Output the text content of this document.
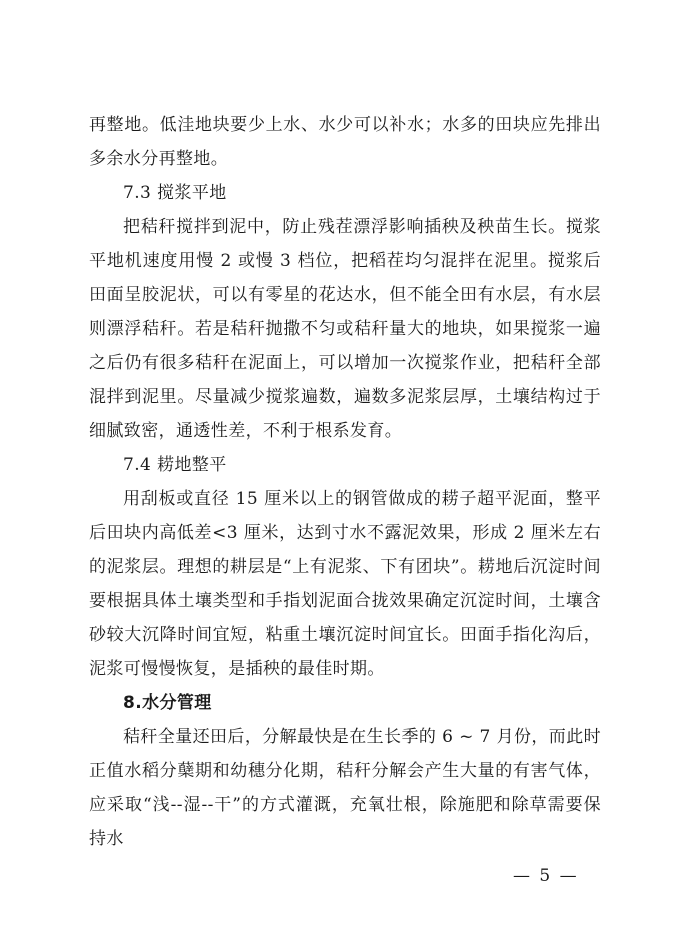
再整地。低洼地块要少上水、水少可以补水；水多的田块应先排出多余水分再整地。

7.3 搅浆平地

把秸秆搅拌到泥中，防止残茬漂浮影响插秧及秧苗生长。搅浆平地机速度用慢 2 或慢 3 档位，把稻茬均匀混拌在泥里。搅浆后田面呈胶泥状，可以有零星的花达水，但不能全田有水层，有水层则漂浮秸秆。若是秸秆抛撒不匀或秸秆量大的地块，如果搅浆一遍之后仍有很多秸秆在泥面上，可以增加一次搅浆作业，把秸秆全部混拌到泥里。尽量减少搅浆遍数，遍数多泥浆层厚，土壤结构过于细腻致密，通透性差，不利于根系发育。

7.4 耢地整平

用刮板或直径 15 厘米以上的钢管做成的耢子超平泥面，整平后田块内高低差<3 厘米，达到寸水不露泥效果，形成 2 厘米左右的泥浆层。理想的耕层是“上有泥浆、下有团块”。耢地后沉淀时间要根据具体土壤类型和手指划泥面合拢效果确定沉淀时间，土壤含砂较大沉降时间宜短，粘重土壤沉淀时间宜长。田面手指化沟后，泥浆可慢慢恢复，是插秧的最佳时期。

8.水分管理

秸秆全量还田后，分解最快是在生长季的 6 ~ 7 月份，而此时正值水稻分蘖期和幼穗分化期，秸秆分解会产生大量的有害气体，应采取“浅--湿--干”的方式灌溉，充氧壮根，除施肥和除草需要保持水

— 5 —
